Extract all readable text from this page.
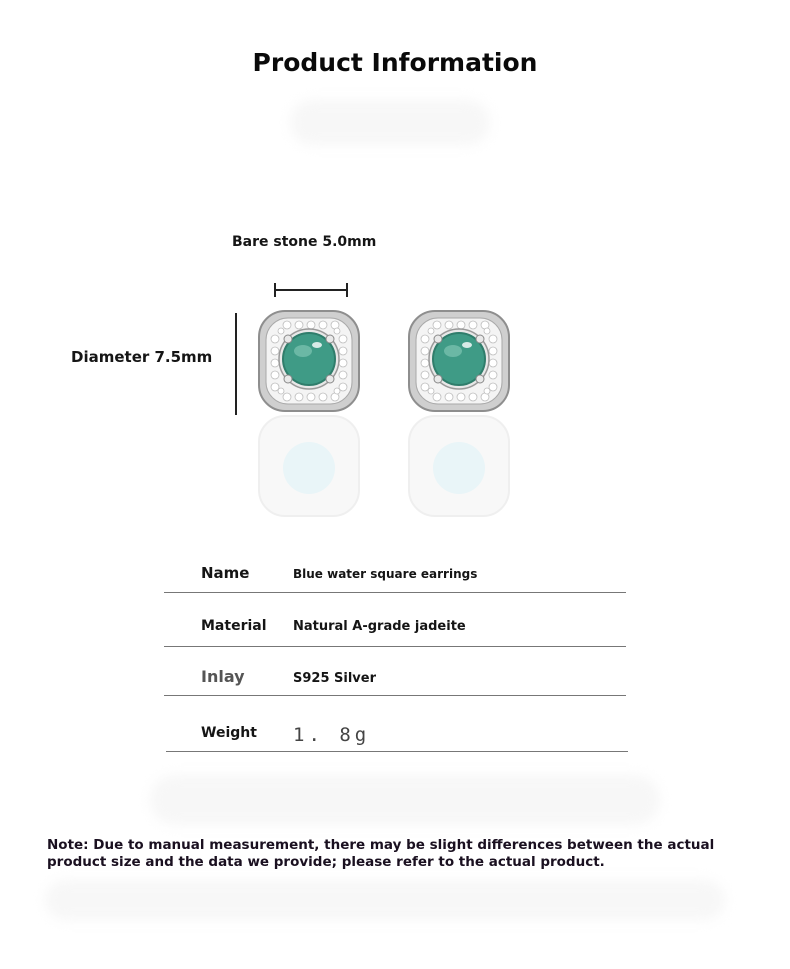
Product Information
Bare stone 5.0mm
Diameter 7.5mm
Name	Blue water square earrings
Material Natural A-grade jadeite
Inlay	S925 Silver
Weight 1. 8g
Note: Due to manual measurement, there may be slight differences between the actual product size and the data we provide; please refer to the actual product.
